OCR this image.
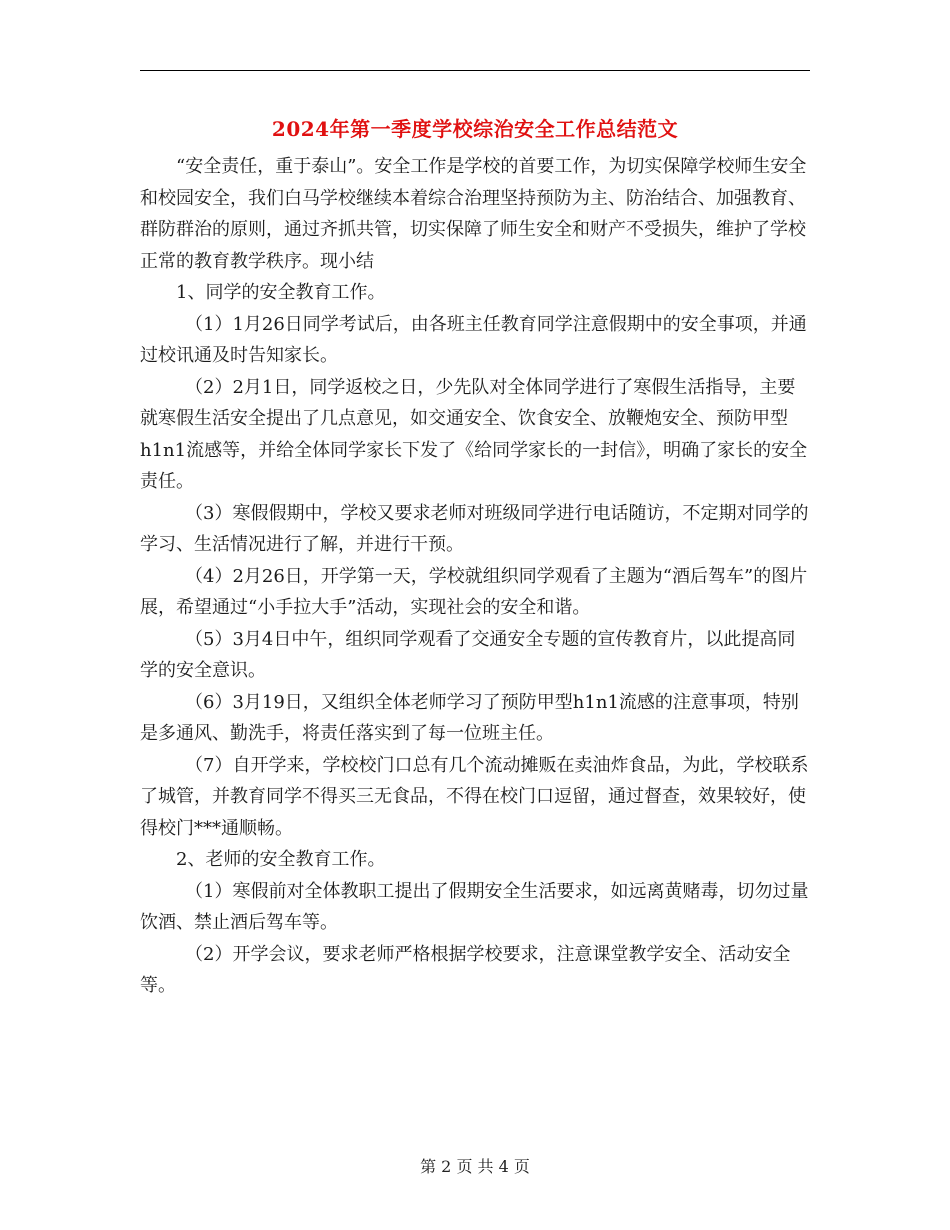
2024年第一季度学校综治安全工作总结范文

“安全责任，重于泰山”。安全工作是学校的首要工作，为切实保障学校师生安全和校园安全，我们白马学校继续本着综合治理坚持预防为主、防治结合、加强教育、群防群治的原则，通过齐抓共管，切实保障了师生安全和财产不受损失，维护了学校正常的教育教学秩序。现小结

1、同学的安全教育工作。

（1）1月26日同学考试后，由各班主任教育同学注意假期中的安全事项，并通过校讯通及时告知家长。

（2）2月1日，同学返校之日，少先队对全体同学进行了寒假生活指导，主要就寒假生活安全提出了几点意见，如交通安全、饮食安全、放鞭炮安全、预防甲型h1n1流感等，并给全体同学家长下发了《给同学家长的一封信》，明确了家长的安全责任。

（3）寒假假期中，学校又要求老师对班级同学进行电话随访，不定期对同学的学习、生活情况进行了解，并进行干预。

（4）2月26日，开学第一天，学校就组织同学观看了主题为“酒后驾车”的图片展，希望通过“小手拉大手”活动，实现社会的安全和谐。

（5）3月4日中午，组织同学观看了交通安全专题的宣传教育片，以此提高同学的安全意识。

（6）3月19日，又组织全体老师学习了预防甲型h1n1流感的注意事项，特别是多通风、勤洗手，将责任落实到了每一位班主任。

（7）自开学来，学校校门口总有几个流动摊贩在卖油炸食品，为此，学校联系了城管，并教育同学不得买三无食品，不得在校门口逗留，通过督查，效果较好，使得校门***通顺畅。

2、老师的安全教育工作。

（1）寒假前对全体教职工提出了假期安全生活要求，如远离黄赌毒，切勿过量饮酒、禁止酒后驾车等。

（2）开学会议，要求老师严格根据学校要求，注意课堂教学安全、活动安全等。

第 2 页 共 4 页
